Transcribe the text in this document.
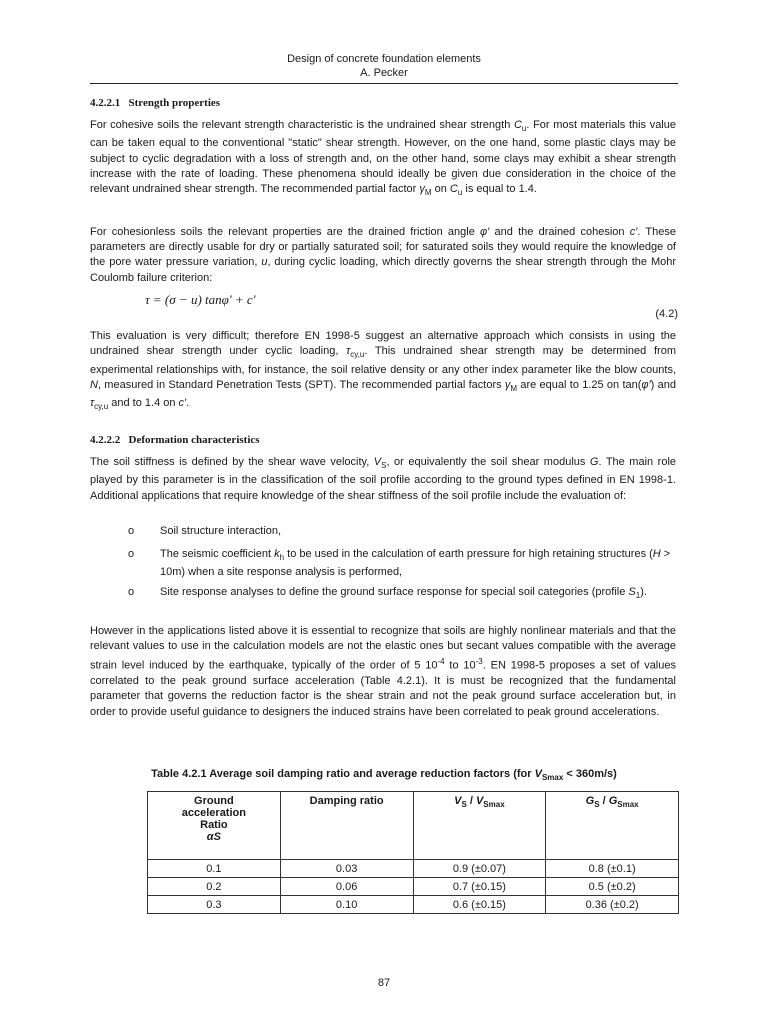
Design of concrete foundation elements
A. Pecker
4.2.2.1 Strength properties

For cohesive soils the relevant strength characteristic is the undrained shear strength $C_u$. For most materials this value can be taken equal to the conventional "static" shear strength. However, on the one hand, some plastic clays may be subject to cyclic degradation with a loss of strength and, on the other hand, some clays may exhibit a shear strength increase with the rate of loading. These phenomena should ideally be given due consideration in the choice of the relevant undrained shear strength. The recommended partial factor $\gamma_M$ on $C_u$ is equal to 1.4.

For cohesionless soils the relevant properties are the drained friction angle φ′ and the drained cohesion c′. These parameters are directly usable for dry or partially saturated soil; for saturated soils they would require the knowledge of the pore water pressure variation, u, during cyclic loading, which directly governs the shear strength through the Mohr Coulomb failure criterion:

τ = (σ − u) tanφ′ + c′
(4.2)

This evaluation is very difficult; therefore EN 1998-5 suggest an alternative approach which consists in using the undrained shear strength under cyclic loading, $\tau_{cy,u}$. This undrained shear strength may be determined from experimental relationships with, for instance, the soil relative density or any other index parameter like the blow counts, N, measured in Standard Penetration Tests (SPT). The recommended partial factors $\gamma_M$ are equal to 1.25 on tan(φ′) and $\tau_{cy,u}$ and to 1.4 on c′.

4.2.2.2 Deformation characteristics

The soil stiffness is defined by the shear wave velocity, $V_S$, or equivalently the soil shear modulus G. The main role played by this parameter is in the classification of the soil profile according to the ground types defined in EN 1998-1. Additional applications that require knowledge of the shear stiffness of the soil profile include the evaluation of:

o Soil structure interaction,
o The seismic coefficient $k_h$ to be used in the calculation of earth pressure for high retaining structures (H > 10m) when a site response analysis is performed,
o Site response analyses to define the ground surface response for special soil categories (profile $S_1$).

However in the applications listed above it is essential to recognize that soils are highly nonlinear materials and that the relevant values to use in the calculation models are not the elastic ones but secant values compatible with the average strain level induced by the earthquake, typically of the order of 5 $10^{-4}$ to $10^{-3}$. EN 1998-5 proposes a set of values correlated to the peak ground surface acceleration (Table 4.2.1). It is must be recognized that the fundamental parameter that governs the reduction factor is the shear strain and not the peak ground surface acceleration but, in order to provide useful guidance to designers the induced strains have been correlated to peak ground accelerations.

Table 4.2.1 Average soil damping ratio and average reduction factors (for $V_{Smax} < 360m/s$)
Ground
acceleration
Ratio
αS	Damping ratio	$V_S / V_{Smax}$	$G_S / G_{Smax}$
0.1	0.03	0.9 (±0.07)	0.8 (±0.1)
0.2	0.06	0.7 (±0.15)	0.5 (±0.2)
0.3	0.10	0.6 (±0.15)	0.36 (±0.2)
87
